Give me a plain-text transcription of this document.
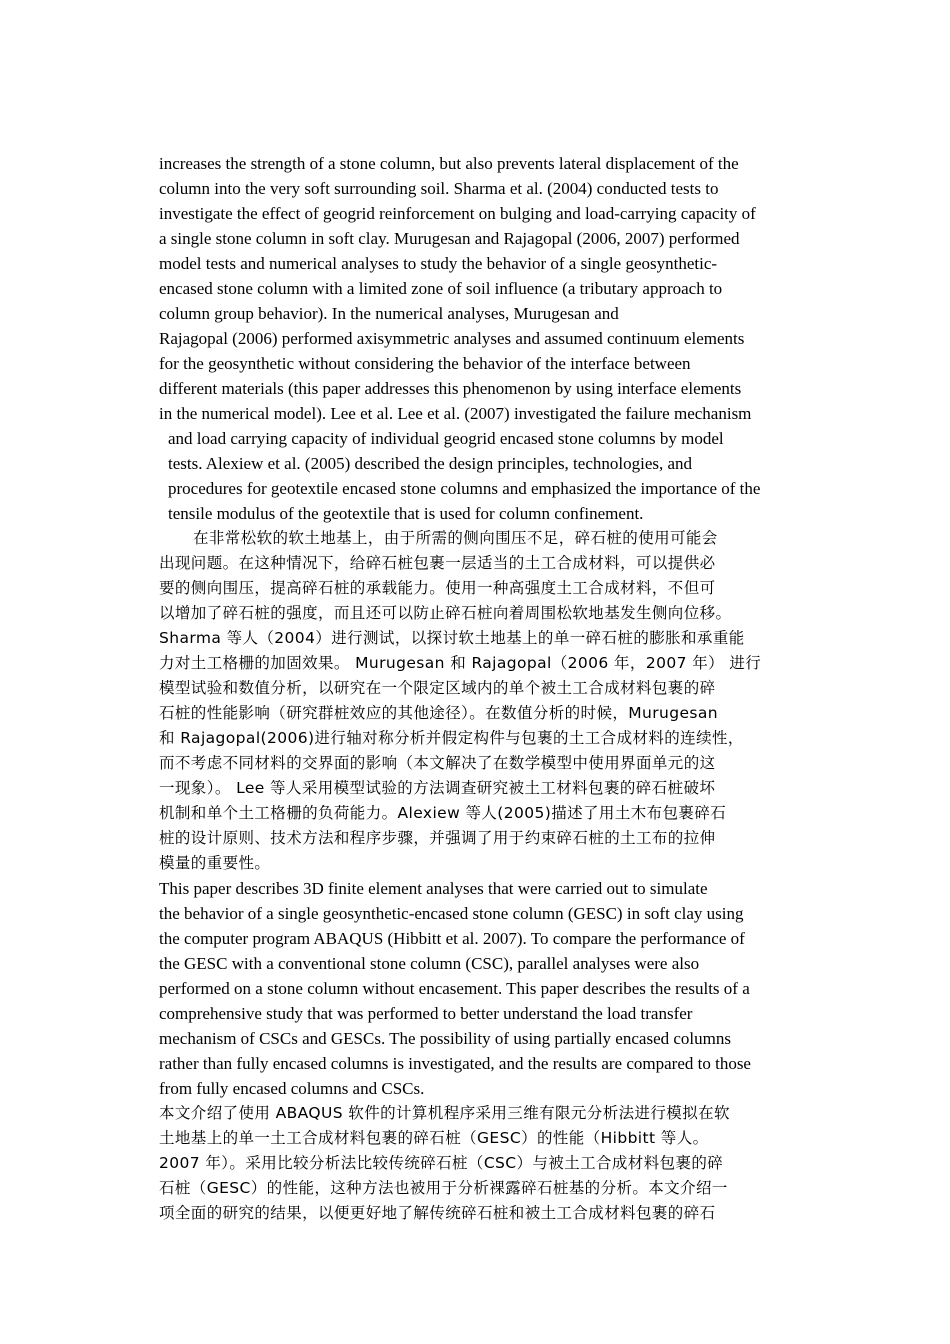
increases the strength of a stone column, but also prevents lateral displacement of the
column into the very soft surrounding soil. Sharma et al. (2004) conducted tests to
investigate the effect of geogrid reinforcement on bulging and load-carrying capacity of
a single stone column in soft clay. Murugesan and Rajagopal (2006, 2007) performed
model tests and numerical analyses to study the behavior of a single geosynthetic-
encased stone column with a limited zone of soil influence (a tributary approach to
column group behavior). In the numerical analyses, Murugesan and
Rajagopal (2006) performed axisymmetric analyses and assumed continuum elements
for the geosynthetic without considering the behavior of the interface between
different materials (this paper addresses this phenomenon by using interface elements
in the numerical model). Lee et al. Lee et al. (2007) investigated the failure mechanism
and load carrying capacity of individual geogrid encased stone columns by model
tests. Alexiew et al. (2005) described the design principles, technologies, and
procedures for geotextile encased stone columns and emphasized the importance of the
tensile modulus of the geotextile that is used for column confinement.
在非常松软的软土地基上，由于所需的侧向围压不足，碎石桩的使用可能会
出现问题。在这种情况下，给碎石桩包裹一层适当的土工合成材料，可以提供必
要的侧向围压，提高碎石桩的承载能力。使用一种高强度土工合成材料，不但可
以增加了碎石桩的强度，而且还可以防止碎石桩向着周围松软地基发生侧向位移。
Sharma 等人（2004）进行测试，以探讨软土地基上的单一碎石桩的膨胀和承重能
力对土工格栅的加固效果。 Murugesan 和 Rajagopal（2006 年，2007 年） 进行
模型试验和数值分析，以研究在一个限定区域内的单个被土工合成材料包裹的碎
石桩的性能影响（研究群桩效应的其他途径）。在数值分析的时候，Murugesan
和 Rajagopal(2006)进行轴对称分析并假定构件与包裹的土工合成材料的连续性，
而不考虑不同材料的交界面的影响（本文解决了在数学模型中使用界面单元的这
一现象）。 Lee 等人采用模型试验的方法调查研究被土工材料包裹的碎石桩破坏
机制和单个土工格栅的负荷能力。Alexiew 等人(2005)描述了用土木布包裹碎石
桩的设计原则、技术方法和程序步骤，并强调了用于约束碎石桩的土工布的拉伸
模量的重要性。
This paper describes 3D finite element analyses that were carried out to simulate
the behavior of a single geosynthetic-encased stone column (GESC) in soft clay using
the computer program ABAQUS (Hibbitt et al. 2007). To compare the performance of
the GESC with a conventional stone column (CSC), parallel analyses were also
performed on a stone column without encasement. This paper describes the results of a
comprehensive study that was performed to better understand the load transfer
mechanism of CSCs and GESCs. The possibility of using partially encased columns
rather than fully encased columns is investigated, and the results are compared to those
from fully encased columns and CSCs.
本文介绍了使用 ABAQUS 软件的计算机程序采用三维有限元分析法进行模拟在软
土地基上的单一土工合成材料包裹的碎石桩（GESC）的性能（Hibbitt 等人。
2007 年）。采用比较分析法比较传统碎石桩（CSC）与被土工合成材料包裹的碎
石桩（GESC）的性能，这种方法也被用于分析裸露碎石桩基的分析。本文介绍一
项全面的研究的结果，以便更好地了解传统碎石桩和被土工合成材料包裹的碎石
